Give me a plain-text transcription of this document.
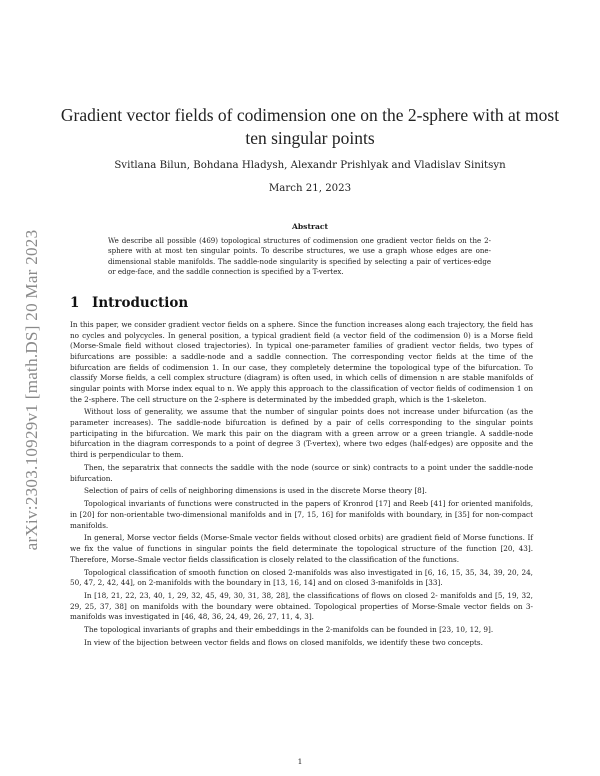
arXiv:2303.10929v1 [math.DS] 20 Mar 2023
Gradient vector fields of codimension one on the 2-sphere with at most ten singular points
Svitlana Bilun, Bohdana Hladysh, Alexandr Prishlyak and Vladislav Sinitsyn
March 21, 2023
Abstract
We describe all possible (469) topological structures of codimension one gradient vector fields on the 2-sphere with at most ten singular points. To describe structures, we use a graph whose edges are one-dimensional stable manifolds. The saddle-node singularity is specified by selecting a pair of vertices-edge or edge-face, and the saddle connection is specified by a T-vertex.
1 Introduction

In this paper, we consider gradient vector fields on a sphere. Since the function increases along each trajectory, the field has no cycles and polycycles. In general position, a typical gradient field (a vector field of the codimension 0) is a Morse field (Morse-Smale field without closed trajectories). In typical one-parameter families of gradient vector fields, two types of bifurcations are possible: a saddle-node and a saddle connection. The corresponding vector fields at the time of the bifurcation are fields of codimension 1. In our case, they completely determine the topological type of the bifurcation. To classify Morse fields, a cell complex structure (diagram) is often used, in which cells of dimension n are stable manifolds of singular points with Morse index equal to n. We apply this approach to the classification of vector fields of codimension 1 on the 2-sphere. The cell structure on the 2-sphere is determinated by the imbedded graph, which is the 1-skeleton.

Without loss of generality, we assume that the number of singular points does not increase under bifurcation (as the parameter increases). The saddle-node bifurcation is defined by a pair of cells corresponding to the singular points participating in the bifurcation. We mark this pair on the diagram with a green arrow or a green triangle. A saddle-node bifurcation in the diagram corresponds to a point of degree 3 (T-vertex), where two edges (half-edges) are opposite and the third is perpendicular to them.

Then, the separatrix that connects the saddle with the node (source or sink) contracts to a point under the saddle-node bifurcation.

Selection of pairs of cells of neighboring dimensions is used in the discrete Morse theory [8].

Topological invariants of functions were constructed in the papers of Kronrod [17] and Reeb [41] for oriented manifolds, in [20] for non-orientable two-dimensional manifolds and in [7, 15, 16] for manifolds with boundary, in [35] for non-compact manifolds.

In general, Morse vector fields (Morse-Smale vector fields without closed orbits) are gradient field of Morse functions. If we fix the value of functions in singular points the field determinate the topological structure of the function [20, 43]. Therefore, Morse–Smale vector fields classification is closely related to the classification of the functions.

Topological classification of smooth function on closed 2-manifolds was also investigated in [6, 16, 15, 35, 34, 39, 20, 24, 50, 47, 2, 42, 44], on 2-manifolds with the boundary in [13, 16, 14] and on closed 3-manifolds in [33].

In [18, 21, 22, 23, 40, 1, 29, 32, 45, 49, 30, 31, 38, 28], the classifications of flows on closed 2- manifolds and [5, 19, 32, 29, 25, 37, 38] on manifolds with the boundary were obtained. Topological properties of Morse-Smale vector fields on 3-manifolds was investigated in [46, 48, 36, 24, 49, 26, 27, 11, 4, 3].

The topological invariants of graphs and their embeddings in the 2-manifolds can be founded in [23, 10, 12, 9].

In view of the bijection between vector fields and flows on closed manifolds, we identify these two concepts.

1
